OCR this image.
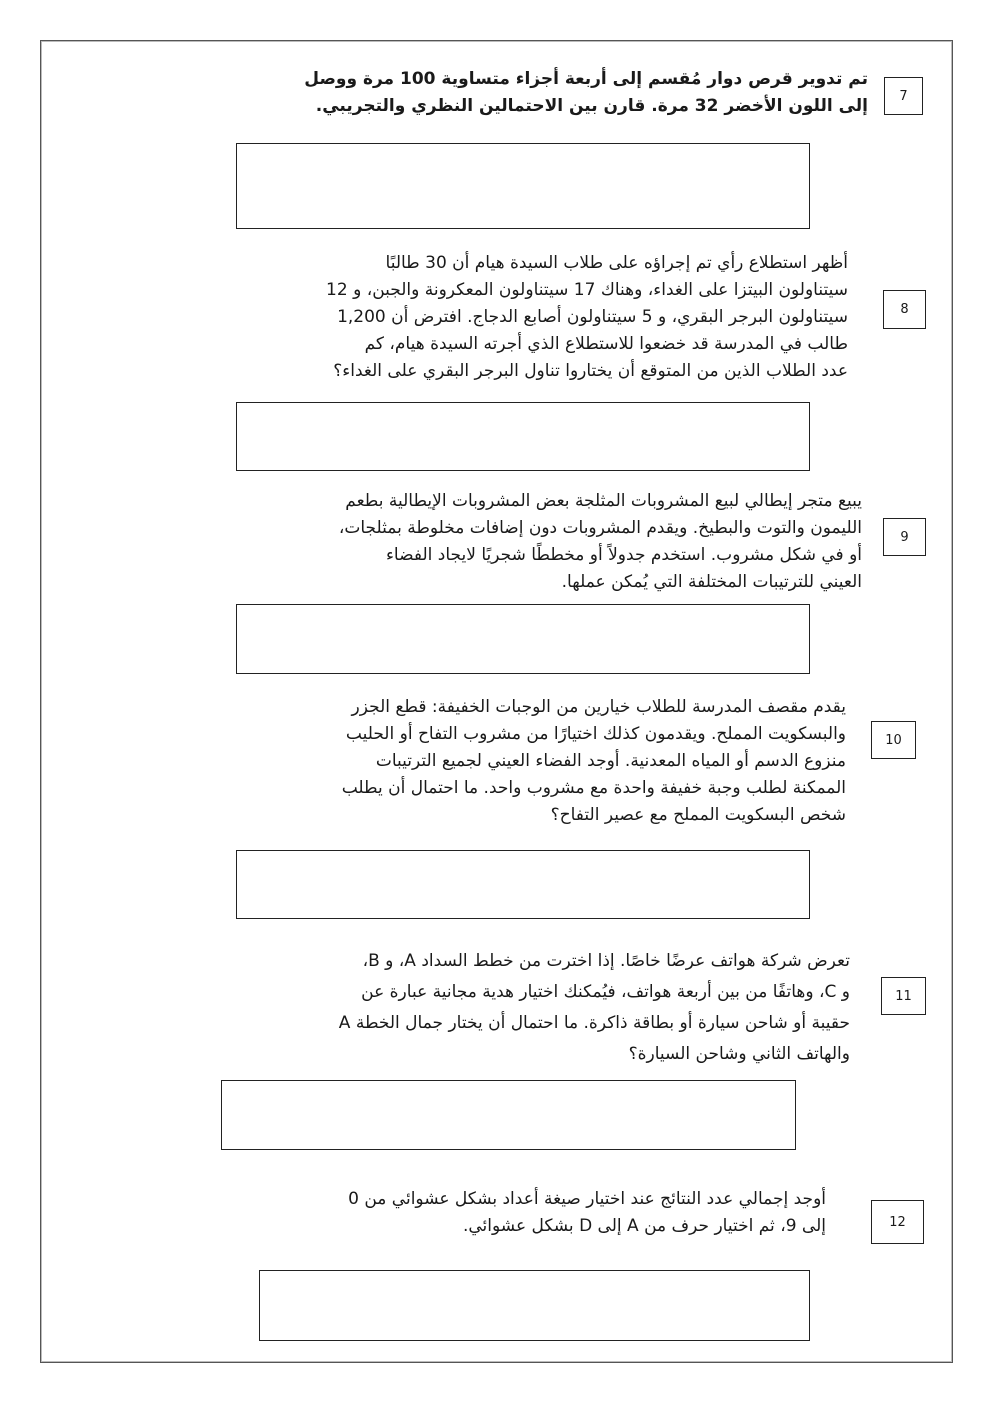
7
تم تدوير قرص دوار مُقسم إلى أربعة أجزاء متساوية 100 مرة ووصل
إلى اللون الأخضر 32 مرة. قارن بين الاحتمالين النظري والتجريبي.
8
أظهر استطلاع رأي تم إجراؤه على طلاب السيدة هيام أن 30 طالبًا
سيتناولون البيتزا على الغداء، وهناك 17 سيتناولون المعكرونة والجبن، و 12
سيتناولون البرجر البقري، و 5 سيتناولون أصابع الدجاج. افترض أن 1,200
طالب في المدرسة قد خضعوا للاستطلاع الذي أجرته السيدة هيام، كم
عدد الطلاب الذين من المتوقع أن يختاروا تناول البرجر البقري على الغداء؟
9
يبيع متجر إيطالي لبيع المشروبات المثلجة بعض المشروبات الإيطالية بطعم
الليمون والتوت والبطيخ. ويقدم المشروبات دون إضافات مخلوطة بمثلجات،
أو في شكل مشروب. استخدم جدولاً أو مخططًا شجريًا لايجاد الفضاء
العيني للترتيبات المختلفة التي يُمكن عملها.
10
يقدم مقصف المدرسة للطلاب خيارين من الوجبات الخفيفة: قطع الجزر
والبسكويت المملح. ويقدمون كذلك اختيارًا من مشروب التفاح أو الحليب
منزوع الدسم أو المياه المعدنية. أوجد الفضاء العيني لجميع الترتيبات
الممكنة لطلب وجبة خفيفة واحدة مع مشروب واحد. ما احتمال أن يطلب
شخص البسكويت المملح مع عصير التفاح؟
11
تعرض شركة هواتف عرضًا خاصًا. إذا اخترت من خطط السداد A، و B،
و C، وهاتفًا من بين أربعة هواتف، فيُمكنك اختيار هدية مجانية عبارة عن
حقيبة أو شاحن سيارة أو بطاقة ذاكرة. ما احتمال أن يختار جمال الخطة A
والهاتف الثاني وشاحن السيارة؟
12
أوجد إجمالي عدد النتائج عند اختيار صيغة أعداد بشكل عشوائي من 0
إلى 9، ثم اختيار حرف من A إلى D بشكل عشوائي.
